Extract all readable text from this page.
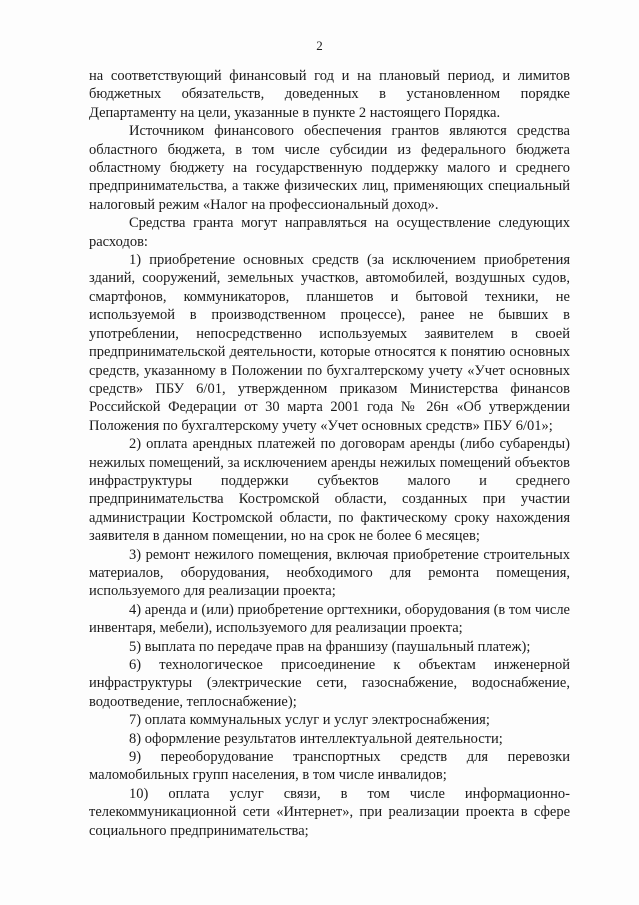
2

на соответствующий финансовый год и на плановый период, и лимитов бюджетных обязательств, доведенных в установленном порядке Департаменту на цели, указанные в пункте 2 настоящего Порядка.

Источником финансового обеспечения грантов являются средства областного бюджета, в том числе субсидии из федерального бюджета областному бюджету на государственную поддержку малого и среднего предпринимательства, а также физических лиц, применяющих специальный налоговый режим «Налог на профессиональный доход».

Средства гранта могут направляться на осуществление следующих расходов:

1) приобретение основных средств (за исключением приобретения зданий, сооружений, земельных участков, автомобилей, воздушных судов, смартфонов, коммуникаторов, планшетов и бытовой техники, не используемой в производственном процессе), ранее не бывших в употреблении, непосредственно используемых заявителем в своей предпринимательской деятельности, которые относятся к понятию основных средств, указанному в Положении по бухгалтерскому учету «Учет основных средств» ПБУ 6/01, утвержденном приказом Министерства финансов Российской Федерации от 30 марта 2001 года № 26н «Об утверждении Положения по бухгалтерскому учету «Учет основных средств» ПБУ 6/01»;

2) оплата арендных платежей по договорам аренды (либо субаренды) нежилых помещений, за исключением аренды нежилых помещений объектов инфраструктуры поддержки субъектов малого и среднего предпринимательства Костромской области, созданных при участии администрации Костромской области, по фактическому сроку нахождения заявителя в данном помещении, но на срок не более 6 месяцев;

3) ремонт нежилого помещения, включая приобретение строительных материалов, оборудования, необходимого для ремонта помещения, используемого для реализации проекта;

4) аренда и (или) приобретение оргтехники, оборудования (в том числе инвентаря, мебели), используемого для реализации проекта;

5) выплата по передаче прав на франшизу (паушальный платеж);

6) технологическое присоединение к объектам инженерной инфраструктуры (электрические сети, газоснабжение, водоснабжение, водоотведение, теплоснабжение);

7) оплата коммунальных услуг и услуг электроснабжения;

8) оформление результатов интеллектуальной деятельности;

9) переоборудование транспортных средств для перевозки маломобильных групп населения, в том числе инвалидов;

10) оплата услуг связи, в том числе информационно-телекоммуникационной сети «Интернет», при реализации проекта в сфере социального предпринимательства;
